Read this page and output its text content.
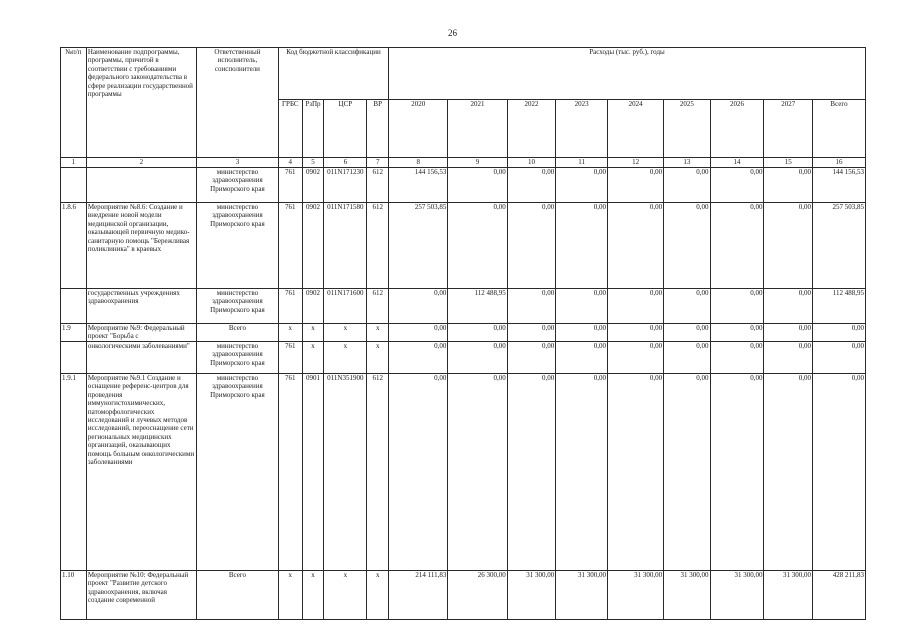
26
№п/п	Наименование подпрограммы, программы, причитой в соответствии с требованиями федерального законодательства в сфере реализации государственной программы	Ответственный исполнитель, соисполнители	Код бюджетной классификации				Расходы (тыс. руб.), годы								
			ГРБС	РзПр	ЦСР	ВР	2020	2021	2022	2023	2024	2025	2026	2027	Всего
1	2	3	4	5	6	7	8	9	10	11	12	13	14	15	16
		министерство здравоохранения Приморского края	761	0902	011N171230	612	144 156,53	0,00	0,00	0,00	0,00	0,00	0,00	0,00	144 156,53
1.8.6	Мероприятие №8.6: Создание и внедрение новой модели медицинской организации, оказывающей первичную медико-санитарную помощь "Бережливая поликлиника" в краевых	министерство здравоохранения Приморского края	761	0902	011N171580	612	257 503,85	0,00	0,00	0,00	0,00	0,00	0,00	0,00	257 503,85
	государственных учреждениях здравоохранения	министерство здравоохранения Приморского края	761	0902	011N171600	612	0,00	112 488,95	0,00	0,00	0,00	0,00	0,00	0,00	112 488,95
1.9	Мероприятие №9: Федеральный проект "Борьба с	Всего	x	x	x	x	0,00	0,00	0,00	0,00	0,00	0,00	0,00	0,00	0,00
	онкологическими заболеваниями"	министерство здравоохранения Приморского края	761	x	x	x	0,00	0,00	0,00	0,00	0,00	0,00	0,00	0,00	0,00
1.9.1	Мероприятие №9.1 Создание и оснащение референс-центров для проведения иммуногистохимических, патоморфологических исследований и лучевых методов исследований, переоснащение сети региональных медицинских организаций, оказывающих помощь больным онкологическими заболеваниями	министерство здравоохранения Приморского края	761	0901	011N351900	612	0,00	0,00	0,00	0,00	0,00	0,00	0,00	0,00	0,00
1.10	Мероприятие №10: Федеральный проект "Развитие детского здравоохранения, включая создание современной	Всего	x	x	x	x	214 111,83	26 300,00	31 300,00	31 300,00	31 300,00	31 300,00	31 300,00	31 300,00	428 211,83
